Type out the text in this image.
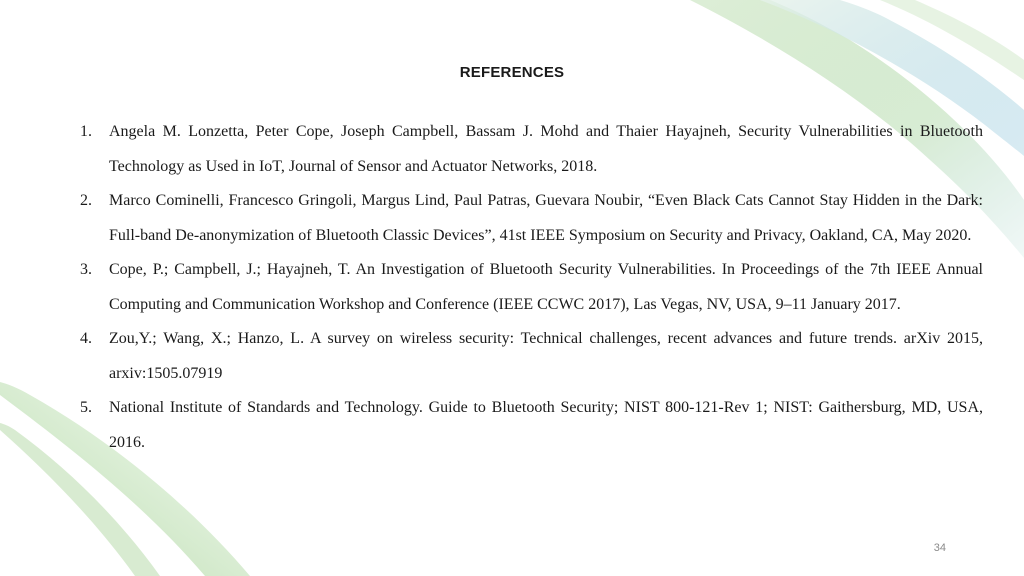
REFERENCES
1. Angela M. Lonzetta, Peter Cope, Joseph Campbell, Bassam J. Mohd and Thaier Hayajneh, Security Vulnerabilities in Bluetooth Technology as Used in IoT, Journal of Sensor and Actuator Networks, 2018.
2. Marco Cominelli, Francesco Gringoli, Margus Lind, Paul Patras, Guevara Noubir, “Even Black Cats Cannot Stay Hidden in the Dark: Full-band De-anonymization of Bluetooth Classic Devices”, 41st IEEE Symposium on Security and Privacy, Oakland, CA, May 2020.
3. Cope, P.; Campbell, J.; Hayajneh, T. An Investigation of Bluetooth Security Vulnerabilities. In Proceedings of the 7th IEEE Annual Computing and Communication Workshop and Conference (IEEE CCWC 2017), Las Vegas, NV, USA, 9–11 January 2017.
4. Zou,Y.; Wang, X.; Hanzo, L. A survey on wireless security: Technical challenges, recent advances and future trends. arXiv 2015, arxiv:1505.07919
5. National Institute of Standards and Technology. Guide to Bluetooth Security; NIST 800-121-Rev 1; NIST: Gaithersburg, MD, USA, 2016.
34
